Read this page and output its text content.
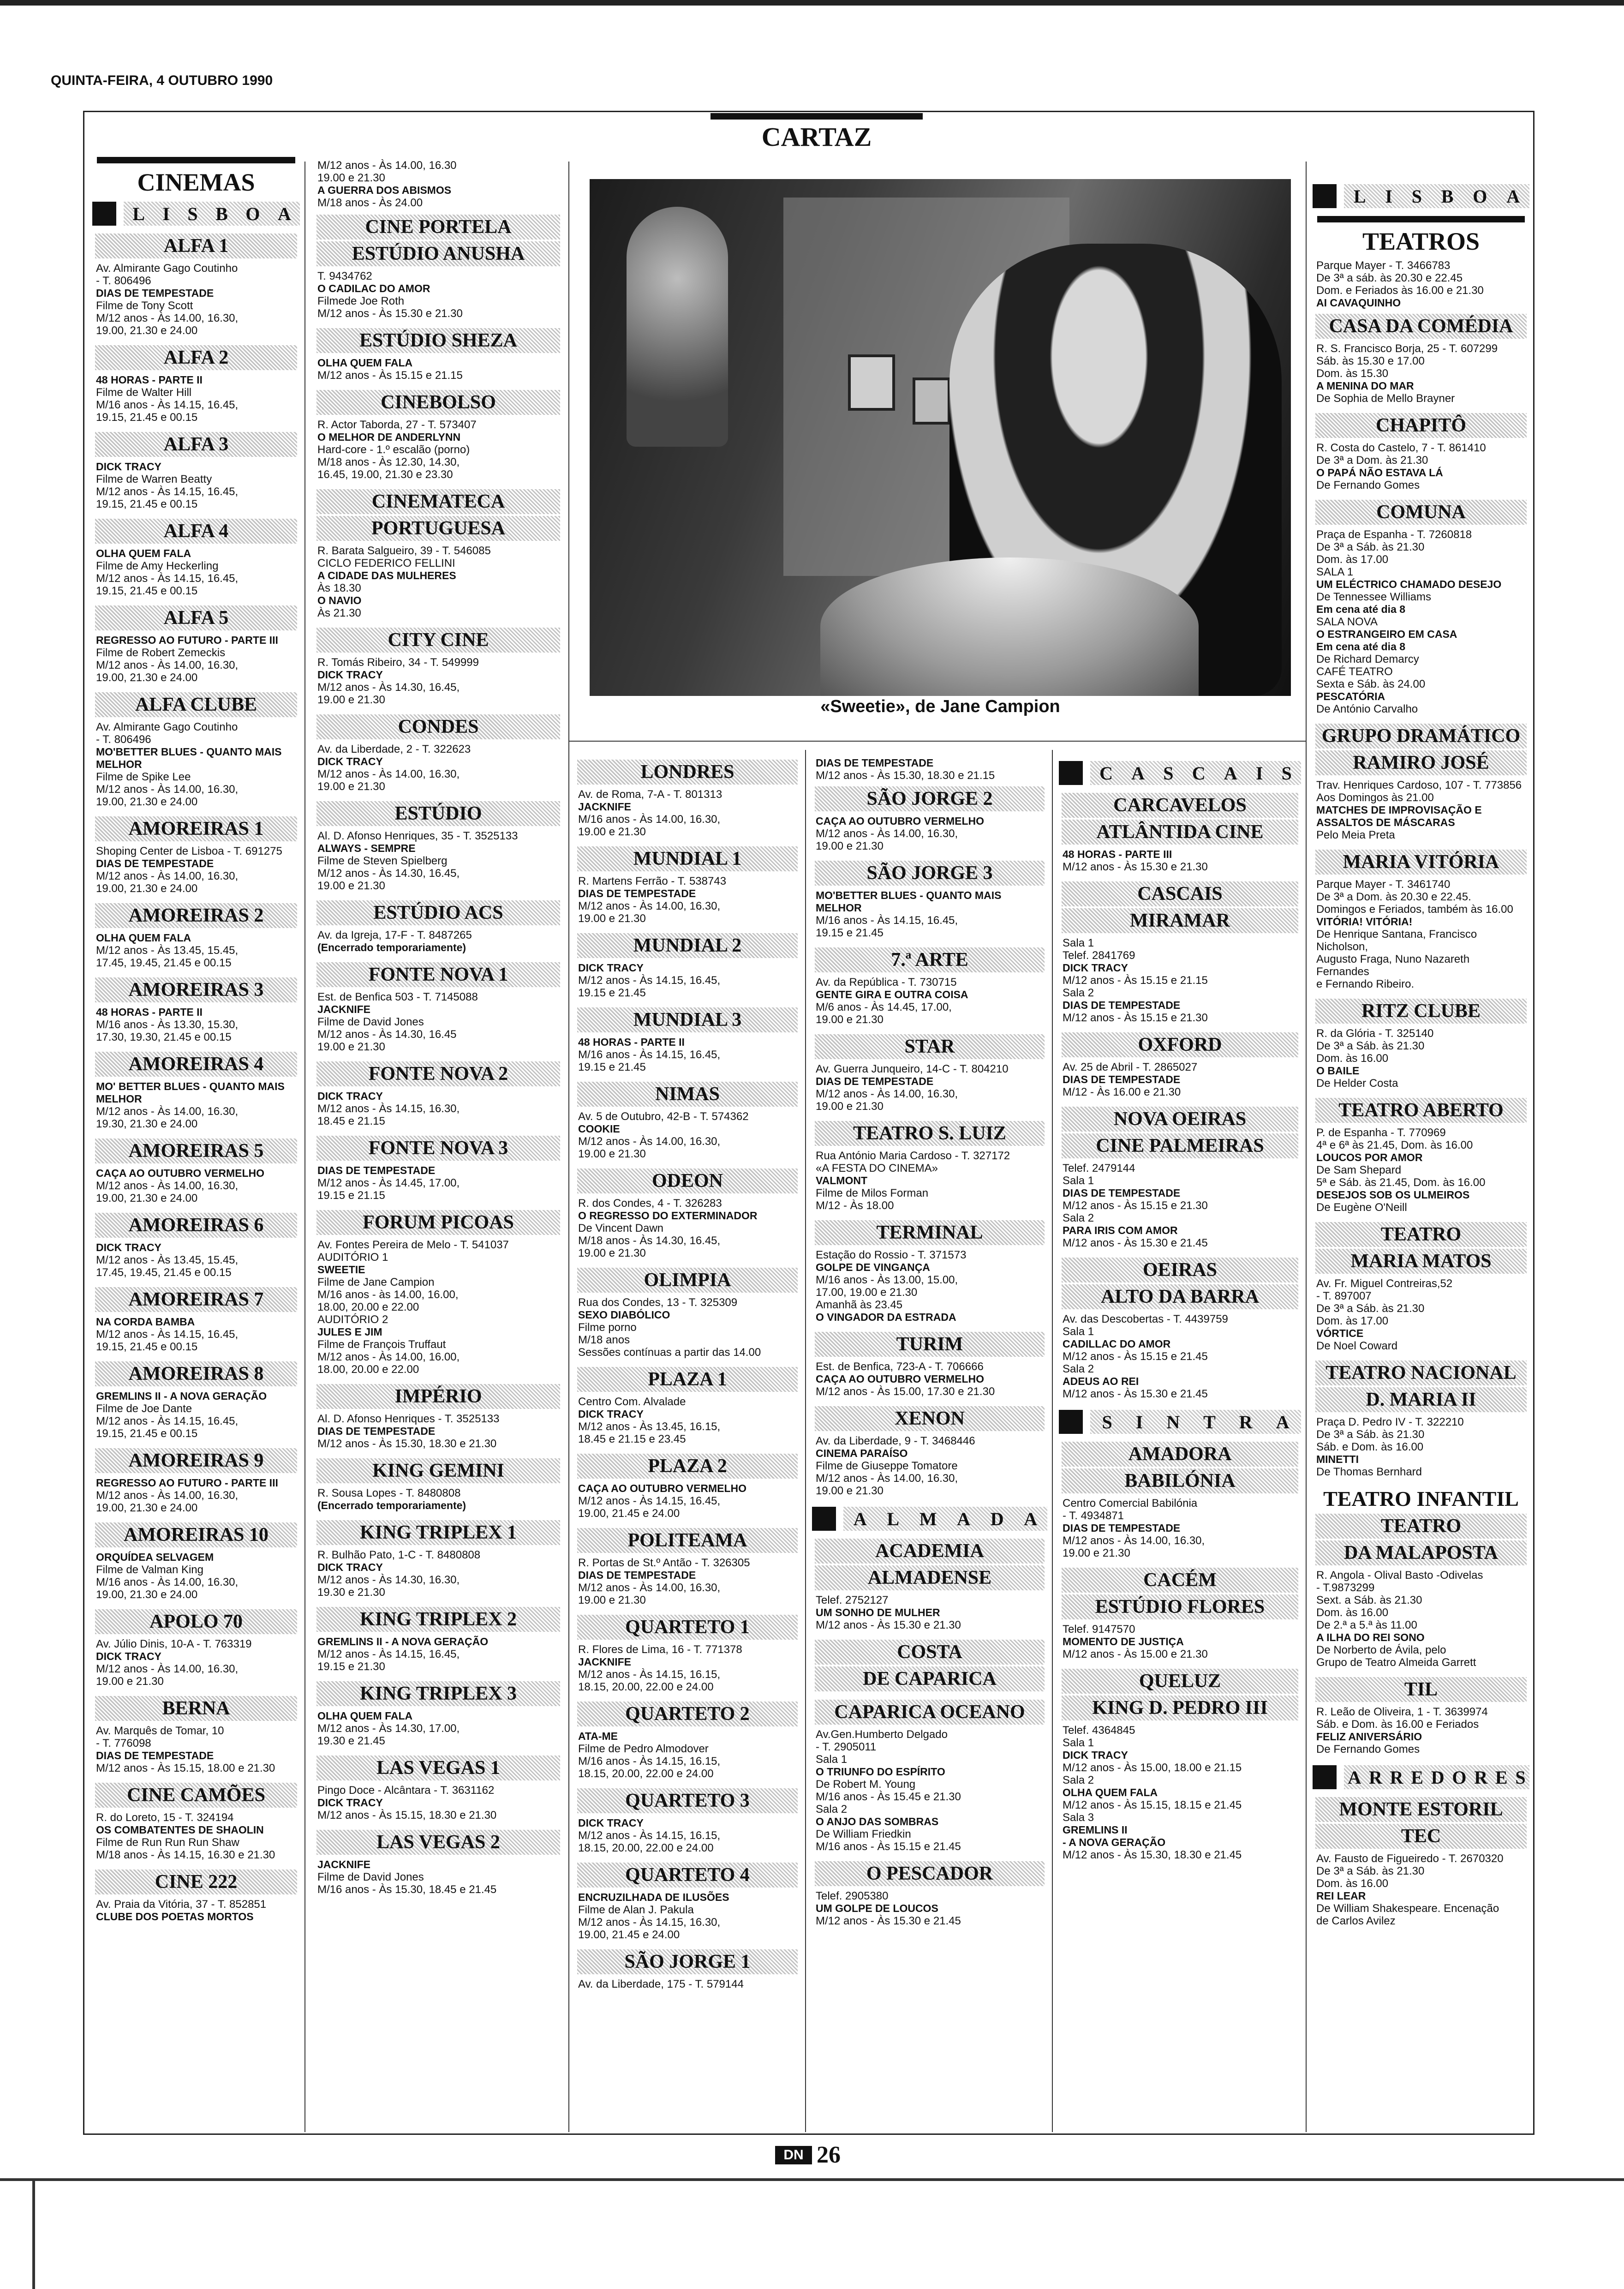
QUINTA-FEIRA, 4 OUTUBRO 1990
CARTAZ
CINEMAS
L I S B O A
ALFA 1
Av. Almirante Gago Coutinho
- T. 806496
DIAS DE TEMPESTADE
Filme de Tony Scott
M/12 anos - Às 14.00, 16.30,
19.00, 21.30 e 24.00
ALFA 2
48 HORAS - PARTE II
Filme de Walter Hill
M/16 anos - Às 14.15, 16.45,
19.15, 21.45 e 00.15
ALFA 3
DICK TRACY
Filme de Warren Beatty
M/12 anos - Às 14.15, 16.45,
19.15, 21.45 e 00.15
ALFA 4
OLHA QUEM FALA
Filme de Amy Heckerling
M/12 anos - Às 14.15, 16.45,
19.15, 21.45 e 00.15
ALFA 5
REGRESSO AO FUTURO - PARTE III
Filme de Robert Zemeckis
M/12 anos - Às 14.00, 16.30,
19.00, 21.30 e 24.00
ALFA CLUBE
Av. Almirante Gago Coutinho
- T. 806496
MO'BETTER BLUES - QUANTO MAIS
MELHOR
Filme de Spike Lee
M/12 anos - Às 14.00, 16.30,
19.00, 21.30 e 24.00
AMOREIRAS 1
Shoping Center de Lisboa - T. 691275
DIAS DE TEMPESTADE
M/12 anos - Às 14.00, 16.30,
19.00, 21.30 e 24.00
AMOREIRAS 2
OLHA QUEM FALA
M/12 anos - Às 13.45, 15.45,
17.45, 19.45, 21.45 e 00.15
AMOREIRAS 3
48 HORAS - PARTE II
M/16 anos - Às 13.30, 15.30,
17.30, 19.30, 21.45 e 00.15
AMOREIRAS 4
MO' BETTER BLUES - QUANTO MAIS
MELHOR
M/12 anos - Às 14.00, 16.30,
19.30, 21.30 e 24.00
AMOREIRAS 5
CAÇA AO OUTUBRO VERMELHO
M/12 anos - Às 14.00, 16.30,
19.00, 21.30 e 24.00
AMOREIRAS 6
DICK TRACY
M/12 anos - Às 13.45, 15.45,
17.45, 19.45, 21.45 e 00.15
AMOREIRAS 7
NA CORDA BAMBA
M/12 anos - Às 14.15, 16.45,
19.15, 21.45 e 00.15
AMOREIRAS 8
GREMLINS II - A NOVA GERAÇÃO
Filme de Joe Dante
M/12 anos - Às 14.15, 16.45,
19.15, 21.45 e 00.15
AMOREIRAS 9
REGRESSO AO FUTURO - PARTE III
M/12 anos - Às 14.00, 16.30,
19.00, 21.30 e 24.00
AMOREIRAS 10
ORQUÍDEA SELVAGEM
Filme de Valman King
M/16 anos - Às 14.00, 16.30,
19.00, 21.30 e 24.00
APOLO 70
Av. Júlio Dinis, 10-A - T. 763319
DICK TRACY
M/12 anos - Às 14.00, 16.30,
19.00 e 21.30
BERNA
Av. Marquês de Tomar, 10
- T. 776098
DIAS DE TEMPESTADE
M/12 anos - Às 15.15, 18.00 e 21.30
CINE CAMÕES
R. do Loreto, 15 - T. 324194
OS COMBATENTES DE SHAOLIN
Filme de Run Run Run Shaw
M/18 anos - Às 14.15, 16.30 e 21.30
CINE 222
Av. Praia da Vitória, 37 - T. 852851
CLUBE DOS POETAS MORTOS
M/12 anos - Às 14.00, 16.30
19.00 e 21.30
A GUERRA DOS ABISMOS
M/18 anos - Às 24.00
CINE PORTELA
ESTÚDIO ANUSHA
T. 9434762
O CADILAC DO AMOR
Filmede Joe Roth
M/12 anos - Às 15.30 e 21.30
ESTÚDIO SHEZA
OLHA QUEM FALA
M/12 anos - Às 15.15 e 21.15
CINEBOLSO
R. Actor Taborda, 27 - T. 573407
O MELHOR DE ANDERLYNN
Hard-core - 1.º escalão (porno)
M/18 anos - Às 12.30, 14.30,
16.45, 19.00, 21.30 e 23.30
CINEMATECA
PORTUGUESA
R. Barata Salgueiro, 39 - T. 546085
CICLO FEDERICO FELLINI
A CIDADE DAS MULHERES
Às 18.30
O NAVIO
Às 21.30
CITY CINE
R. Tomás Ribeiro, 34 - T. 549999
DICK TRACY
M/12 anos - Às 14.30, 16.45,
19.00 e 21.30
CONDES
Av. da Liberdade, 2 - T. 322623
DICK TRACY
M/12 anos - Às 14.00, 16.30,
19.00 e 21.30
ESTÚDIO
Al. D. Afonso Henriques, 35 - T. 3525133
ALWAYS - SEMPRE
Filme de Steven Spielberg
M/12 anos - Às 14.30, 16.45,
19.00 e 21.30
ESTÚDIO ACS
Av. da Igreja, 17-F - T. 8487265
(Encerrado temporariamente)
FONTE NOVA 1
Est. de Benfica 503 - T. 7145088
JACKNIFE
Filme de David Jones
M/12 anos - Às 14.30, 16.45
19.00 e 21.30
FONTE NOVA 2
DICK TRACY
M/12 anos - Às 14.15, 16.30,
18.45 e 21.15
FONTE NOVA 3
DIAS DE TEMPESTADE
M/12 anos - Às 14.45, 17.00,
19.15 e 21.15
FORUM PICOAS
Av. Fontes Pereira de Melo - T. 541037
AUDITÓRIO 1
SWEETIE
Filme de Jane Campion
M/16 anos - às 14.00, 16.00,
18.00, 20.00 e 22.00
AUDITÓRIO 2
JULES E JIM
Filme de François Truffaut
M/12 anos - Às 14.00, 16.00,
18.00, 20.00 e 22.00
IMPÉRIO
Al. D. Afonso Henriques - T. 3525133
DIAS DE TEMPESTADE
M/12 anos - Às 15.30, 18.30 e 21.30
KING GEMINI
R. Sousa Lopes - T. 8480808
(Encerrado temporariamente)
KING TRIPLEX 1
R. Bulhão Pato, 1-C - T. 8480808
DICK TRACY
M/12 anos - Às 14.30, 16.30,
19.30 e 21.30
KING TRIPLEX 2
GREMLINS II - A NOVA GERAÇÃO
M/12 anos - Às 14.15, 16.45,
19.15 e 21.30
KING TRIPLEX 3
OLHA QUEM FALA
M/12 anos - Às 14.30, 17.00,
19.30 e 21.45
LAS VEGAS 1
Pingo Doce - Alcântara - T. 3631162
DICK TRACY
M/12 anos - Às 15.15, 18.30 e 21.30
LAS VEGAS 2
JACKNIFE
Filme de David Jones
M/16 anos - Às 15.30, 18.45 e 21.45
«Sweetie», de Jane Campion
LONDRES
Av. de Roma, 7-A - T. 801313
JACKNIFE
M/16 anos - Às 14.00, 16.30,
19.00 e 21.30
MUNDIAL 1
R. Martens Ferrão - T. 538743
DIAS DE TEMPESTADE
M/12 anos - Às 14.00, 16.30,
19.00 e 21.30
MUNDIAL 2
DICK TRACY
M/12 anos - Às 14.15, 16.45,
19.15 e 21.45
MUNDIAL 3
48 HORAS - PARTE II
M/16 anos - Às 14.15, 16.45,
19.15 e 21.45
NIMAS
Av. 5 de Outubro, 42-B - T. 574362
COOKIE
M/12 anos - Às 14.00, 16.30,
19.00 e 21.30
ODEON
R. dos Condes, 4 - T. 326283
O REGRESSO DO EXTERMINADOR
De Vincent Dawn
M/18 anos - Às 14.30, 16.45,
19.00 e 21.30
OLIMPIA
Rua dos Condes, 13 - T. 325309
SEXO DIABÓLICO
Filme porno
M/18 anos
Sessões contínuas a partir das 14.00
PLAZA 1
Centro Com. Alvalade
DICK TRACY
M/12 anos - Às 13.45, 16.15,
18.45 e 21.15 e 23.45
PLAZA 2
CAÇA AO OUTUBRO VERMELHO
M/12 anos - Às 14.15, 16.45,
19.00, 21.45 e 24.00
POLITEAMA
R. Portas de St.º Antão - T. 326305
DIAS DE TEMPESTADE
M/12 anos - Às 14.00, 16.30,
19.00 e 21.30
QUARTETO 1
R. Flores de Lima, 16 - T. 771378
JACKNIFE
M/12 anos - Às 14.15, 16.15,
18.15, 20.00, 22.00 e 24.00
QUARTETO 2
ATA-ME
Filme de Pedro Almodover
M/16 anos - Às 14.15, 16.15,
18.15, 20.00, 22.00 e 24.00
QUARTETO 3
DICK TRACY
M/12 anos - Às 14.15, 16.15,
18.15, 20.00, 22.00 e 24.00
QUARTETO 4
ENCRUZILHADA DE ILUSÕES
Filme de Alan J. Pakula
M/12 anos - Às 14.15, 16.30,
19.00, 21.45 e 24.00
SÃO JORGE 1
Av. da Liberdade, 175 - T. 579144
DIAS DE TEMPESTADE
M/12 anos - Às 15.30, 18.30 e 21.15
SÃO JORGE 2
CAÇA AO OUTUBRO VERMELHO
M/12 anos - Às 14.00, 16.30,
19.00 e 21.30
SÃO JORGE 3
MO'BETTER BLUES - QUANTO MAIS
MELHOR
M/16 anos - Às 14.15, 16.45,
19.15 e 21.45
7.ª ARTE
Av. da República - T. 730715
GENTE GIRA E OUTRA COISA
M/6 anos - Às 14.45, 17.00,
19.00 e 21.30
STAR
Av. Guerra Junqueiro, 14-C - T. 804210
DIAS DE TEMPESTADE
M/12 anos - Às 14.00, 16.30,
19.00 e 21.30
TEATRO S. LUIZ
Rua António Maria Cardoso - T. 327172
«A FESTA DO CINEMA»
VALMONT
Filme de Milos Forman
M/12 - Às 18.00
TERMINAL
Estação do Rossio - T. 371573
GOLPE DE VINGANÇA
M/16 anos - Às 13.00, 15.00,
17.00, 19.00 e 21.30
Amanhã às 23.45
O VINGADOR DA ESTRADA
TURIM
Est. de Benfica, 723-A - T. 706666
CAÇA AO OUTUBRO VERMELHO
M/12 anos - Às 15.00, 17.30 e 21.30
XENON
Av. da Liberdade, 9 - T. 3468446
CINEMA PARAÍSO
Filme de Giuseppe Tomatore
M/12 anos - Às 14.00, 16.30,
19.00 e 21.30
A L M A D A
ACADEMIA
ALMADENSE
Telef. 2752127
UM SONHO DE MULHER
M/12 anos - Às 15.30 e 21.30
COSTA
DE CAPARICA
CAPARICA OCEANO
Av.Gen.Humberto Delgado
- T. 2905011
Sala 1
O TRIUNFO DO ESPÍRITO
De Robert M. Young
M/16 anos - Às 15.45 e 21.30
Sala 2
O ANJO DAS SOMBRAS
De William Friedkin
M/16 anos - Às 15.15 e 21.45
O PESCADOR
Telef. 2905380
UM GOLPE DE LOUCOS
M/12 anos - Às 15.30 e 21.45
C A S C A I S
CARCAVELOS
ATLÂNTIDA CINE
48 HORAS - PARTE III
M/12 anos - Às 15.30 e 21.30
CASCAIS
MIRAMAR
Sala 1
Telef. 2841769
DICK TRACY
M/12 anos - Às 15.15 e 21.15
Sala 2
DIAS DE TEMPESTADE
M/12 anos - Às 15.15 e 21.30
OXFORD
Av. 25 de Abril - T. 2865027
DIAS DE TEMPESTADE
M/12 - Às 16.00 e 21.30
NOVA OEIRAS
CINE PALMEIRAS
Telef. 2479144
Sala 1
DIAS DE TEMPESTADE
M/12 anos - Às 15.15 e 21.30
Sala 2
PARA IRIS COM AMOR
M/12 anos - Às 15.30 e 21.45
OEIRAS
ALTO DA BARRA
Av. das Descobertas - T. 4439759
Sala 1
CADILLAC DO AMOR
M/12 anos - Às 15.15 e 21.45
Sala 2
ADEUS AO REI
M/12 anos - Às 15.30 e 21.45
S I N T R A
AMADORA
BABILÓNIA
Centro Comercial Babilónia
- T. 4934871
DIAS DE TEMPESTADE
M/12 anos - Às 14.00, 16.30,
19.00 e 21.30
CACÉM
ESTÚDIO FLORES
Telef. 9147570
MOMENTO DE JUSTIÇA
M/12 anos - Às 15.00 e 21.30
QUELUZ
KING D. PEDRO III
Telef. 4364845
Sala 1
DICK TRACY
M/12 anos - Às 15.00, 18.00 e 21.15
Sala 2
OLHA QUEM FALA
M/12 anos - Às 15.15, 18.15 e 21.45
Sala 3
GREMLINS II
- A NOVA GERAÇÃO
M/12 anos - Às 15.30, 18.30 e 21.45
L I S B O A
TEATROS
Parque Mayer - T. 3466783
De 3ª a sáb. às 20.30 e 22.45
Dom. e Feriados às 16.00 e 21.30
AI CAVAQUINHO
CASA DA COMÉDIA
R. S. Francisco Borja, 25 - T. 607299
Sáb. às 15.30 e 17.00
Dom. às 15.30
A MENINA DO MAR
De Sophia de Mello Brayner
CHAPITÔ
R. Costa do Castelo, 7 - T. 861410
De 3ª a Dom. às 21.30
O PAPÁ NÃO ESTAVA LÁ
De Fernando Gomes
COMUNA
Praça de Espanha - T. 7260818
De 3ª a Sáb. às 21.30
Dom. às 17.00
SALA 1
UM ELÉCTRICO CHAMADO DESEJO
De Tennessee Williams
Em cena até dia 8
SALA NOVA
O ESTRANGEIRO EM CASA
Em cena até dia 8
De Richard Demarcy
CAFÉ TEATRO
Sexta e Sáb. às 24.00
PESCATÓRIA
De António Carvalho
GRUPO DRAMÁTICO
RAMIRO JOSÉ
Trav. Henriques Cardoso, 107 - T. 773856
Aos Domingos às 21.00
MATCHES DE IMPROVISAÇÃO E
ASSALTOS DE MÁSCARAS
Pelo Meia Preta
MARIA VITÓRIA
Parque Mayer - T. 3461740
De 3ª a Dom. às 20.30 e 22.45.
Domingos e Feriados, também às 16.00
VITÓRIA! VITÓRIA!
De Henrique Santana, Francisco
Nicholson,
Augusto Fraga, Nuno Nazareth
Fernandes
e Fernando Ribeiro.
RITZ CLUBE
R. da Glória - T. 325140
De 3ª a Sáb. às 21.30
Dom. às 16.00
O BAILE
De Helder Costa
TEATRO ABERTO
P. de Espanha - T. 770969
4ª e 6ª às 21.45, Dom. às 16.00
LOUCOS POR AMOR
De Sam Shepard
5ª e Sáb. às 21.45, Dom. às 16.00
DESEJOS SOB OS ULMEIROS
De Eugène O'Neill
TEATRO
MARIA MATOS
Av. Fr. Miguel Contreiras,52
- T. 897007
De 3ª a Sáb. às 21.30
Dom. às 17.00
VÓRTICE
De Noel Coward
TEATRO NACIONAL
D. MARIA II
Praça D. Pedro IV - T. 322210
De 3ª a Sáb. às 21.30
Sáb. e Dom. às 16.00
MINETTI
De Thomas Bernhard
TEATRO INFANTIL
TEATRO
DA MALAPOSTA
R. Angola - Olival Basto -Odivelas
- T.9873299
Sext. a Sáb. às 21.30
Dom. às 16.00
De 2.ª a 5.ª às 11.00
A ILHA DO REI SONO
De Norberto de Ávila, pelo
Grupo de Teatro Almeida Garrett
TIL
R. Leão de Oliveira, 1 - T. 3639974
Sáb. e Dom. às 16.00 e Feriados
FELIZ ANIVERSÁRIO
De Fernando Gomes
A R R E D O R E S
MONTE ESTORIL
TEC
Av. Fausto de Figueiredo - T. 2670320
De 3ª a Sáb. às 21.30
Dom. às 16.00
REI LEAR
De William Shakespeare. Encenação
de Carlos Avilez
DN 26
